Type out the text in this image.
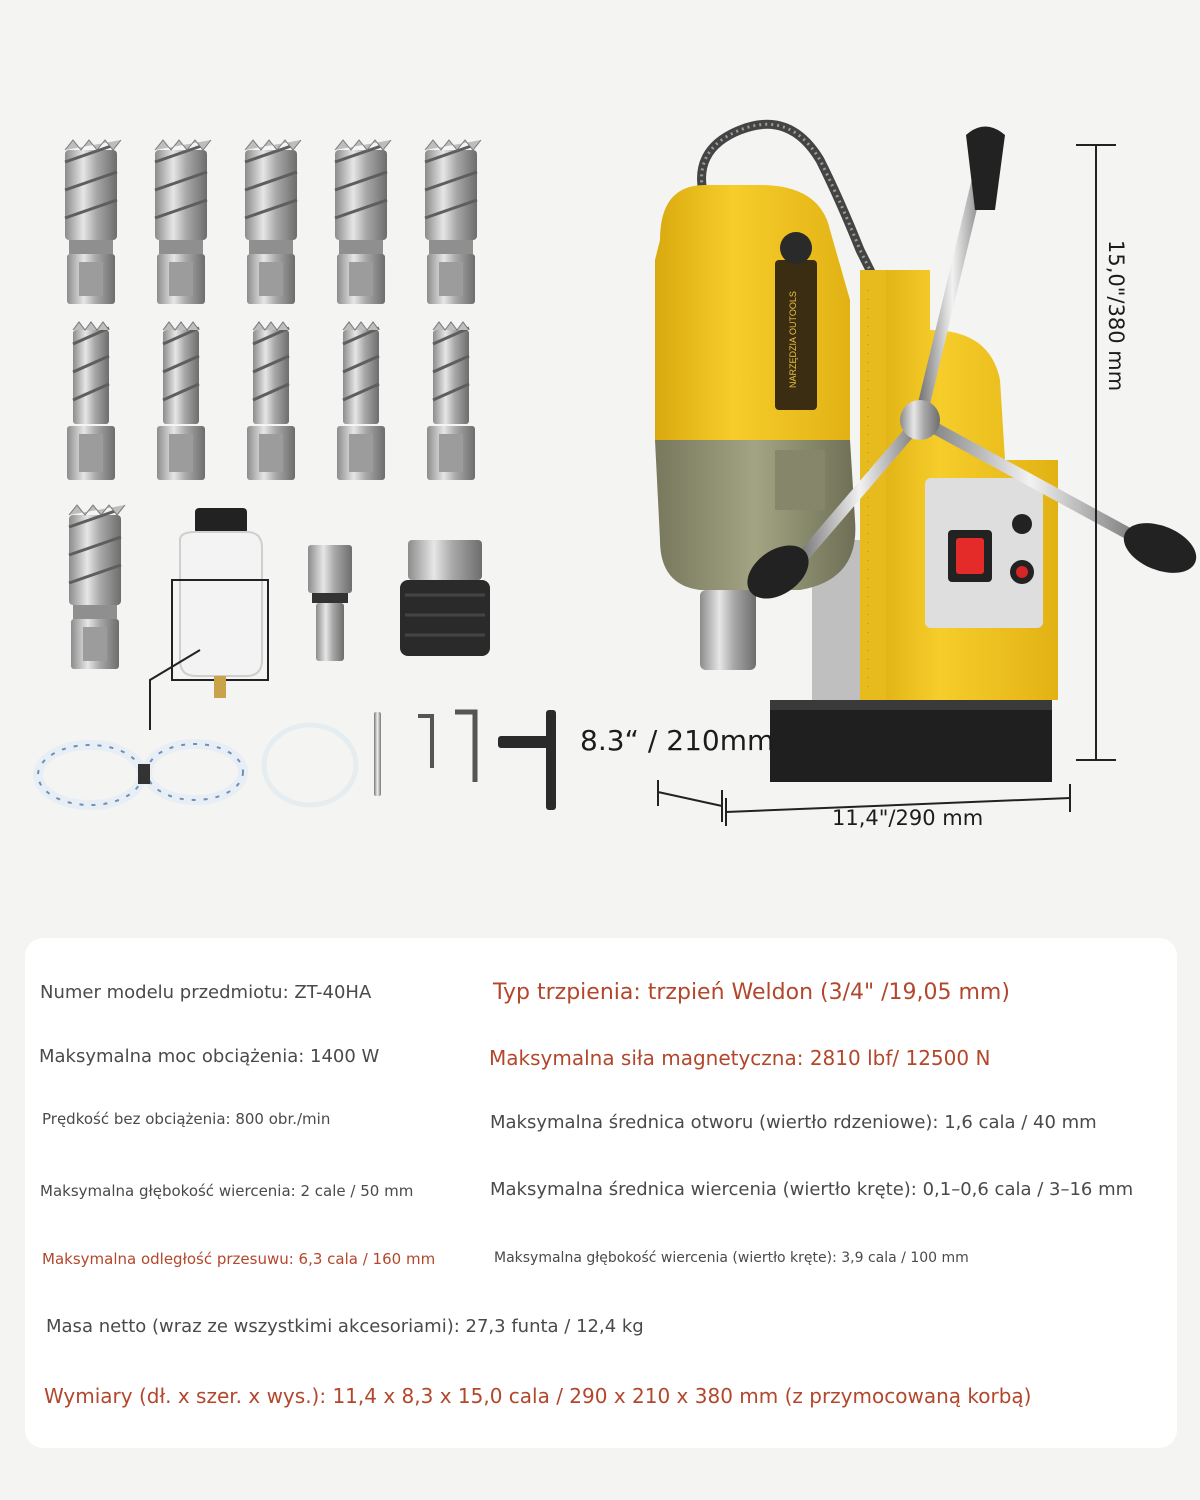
NARZĘDZIA OUTOOLS
8.3“ / 210mm
11,4"/290 mm
15,0"/380 mm
Numer modelu przedmiotu: ZT-40HA	Typ trzpienia: trzpień Weldon (3/4" /19,05 mm)
Maksymalna moc obciążenia: 1400 W	Maksymalna siła magnetyczna: 2810 lbf/ 12500 N
Prędkość bez obciążenia: 800 obr./min	Maksymalna średnica otworu (wiertło rdzeniowe): 1,6 cala / 40 mm
Maksymalna głębokość wiercenia: 2 cale / 50 mm	Maksymalna średnica wiercenia (wiertło kręte): 0,1–0,6 cala / 3–16 mm
Maksymalna odległość przesuwu: 6,3 cala / 160 mm	Maksymalna głębokość wiercenia (wiertło kręte): 3,9 cala / 100 mm
Masa netto (wraz ze wszystkimi akcesoriami): 27,3 funta / 12,4 kg
Wymiary (dł. x szer. x wys.): 11,4 x 8,3 x 15,0 cala / 290 x 210 x 380 mm (z przymocowaną korbą)
